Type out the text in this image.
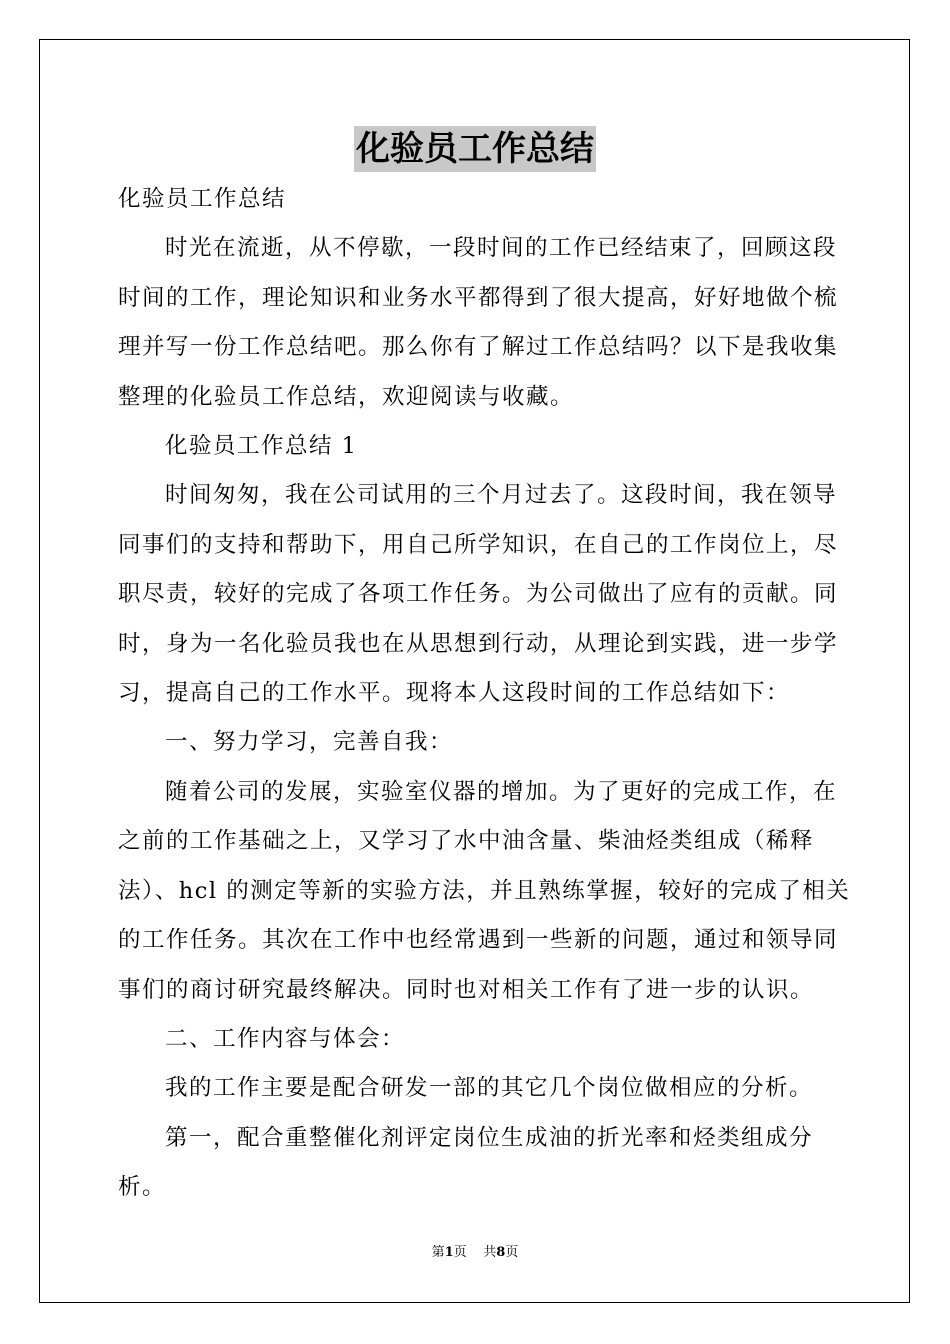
化验员工作总结

化验员工作总结

时光在流逝，从不停歇，一段时间的工作已经结束了，回顾这段时间的工作，理论知识和业务水平都得到了很大提高，好好地做个梳理并写一份工作总结吧。那么你有了解过工作总结吗？以下是我收集整理的化验员工作总结，欢迎阅读与收藏。

化验员工作总结 1

时间匆匆，我在公司试用的三个月过去了。这段时间，我在领导同事们的支持和帮助下，用自己所学知识，在自己的工作岗位上，尽职尽责，较好的完成了各项工作任务。为公司做出了应有的贡献。同时，身为一名化验员我也在从思想到行动，从理论到实践，进一步学习，提高自己的工作水平。现将本人这段时间的工作总结如下：

一、努力学习，完善自我：

随着公司的发展，实验室仪器的增加。为了更好的完成工作，在之前的工作基础之上，又学习了水中油含量、柴油烃类组成（稀释法）、hcl 的测定等新的实验方法，并且熟练掌握，较好的完成了相关的工作任务。其次在工作中也经常遇到一些新的问题，通过和领导同事们的商讨研究最终解决。同时也对相关工作有了进一步的认识。

二、工作内容与体会：

我的工作主要是配合研发一部的其它几个岗位做相应的分析。

第一，配合重整催化剂评定岗位生成油的折光率和烃类组成分析。

第1页 共8页
